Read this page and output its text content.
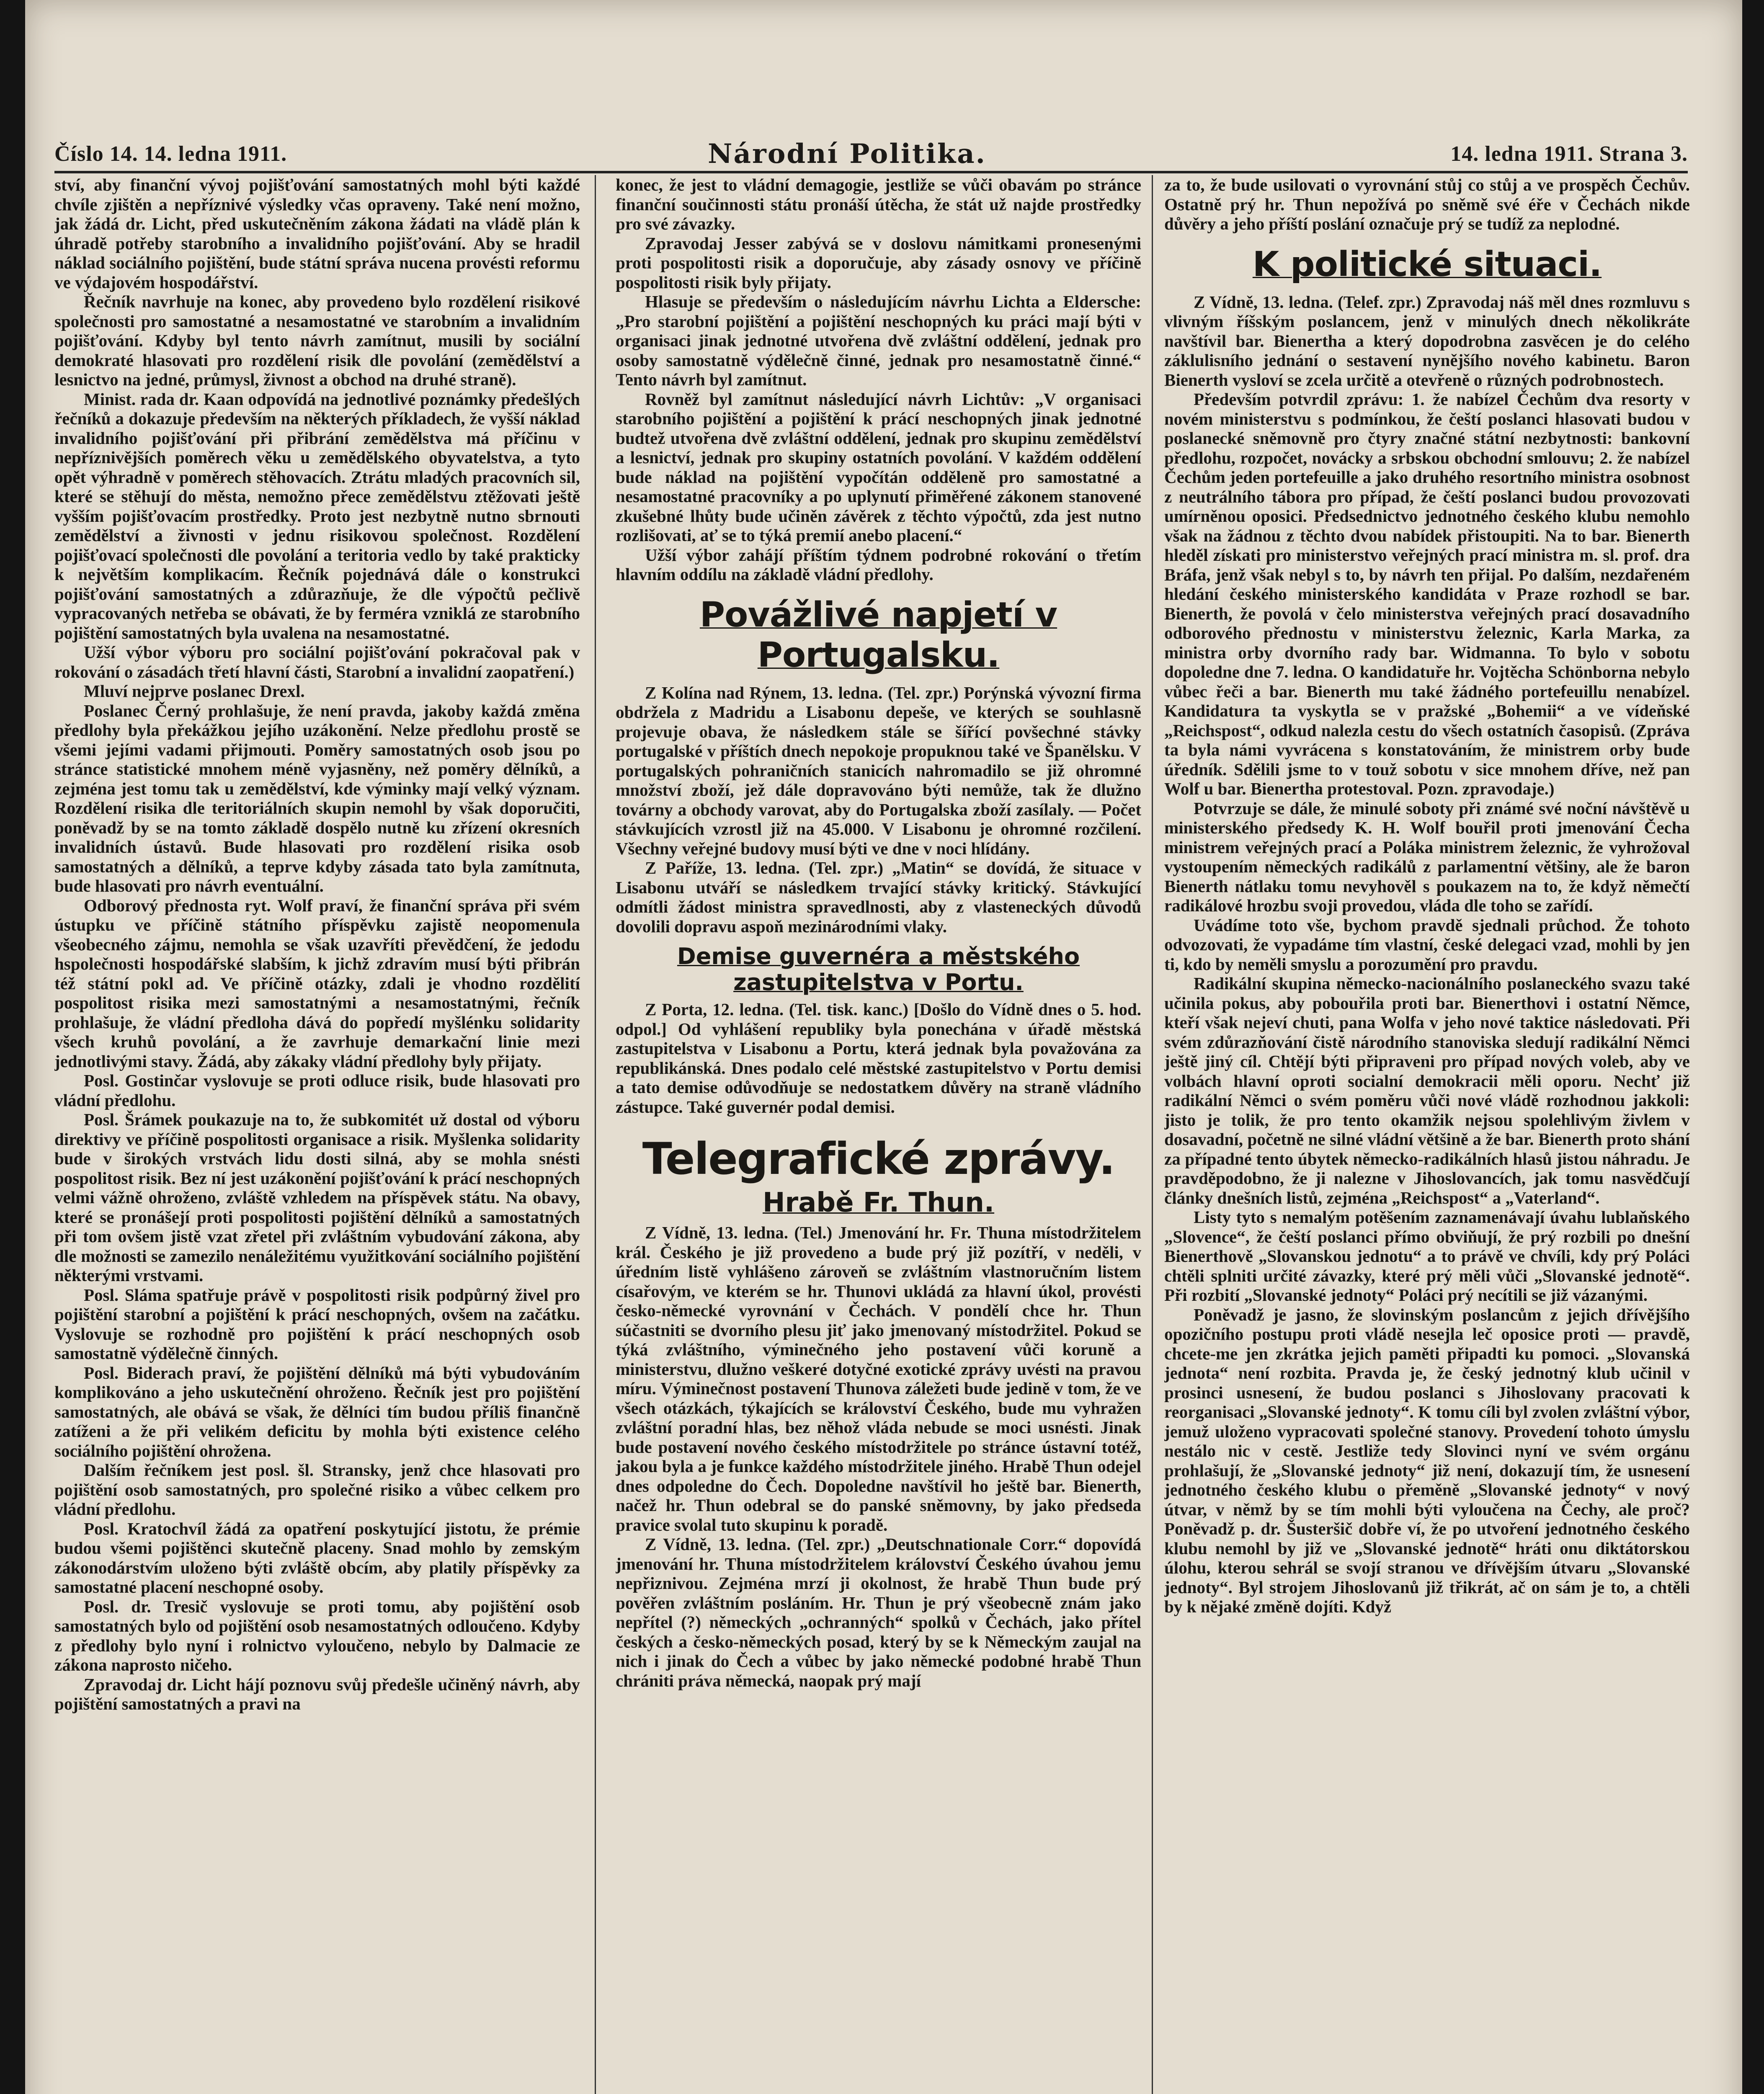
Číslo 14. 14. ledna 1911.	Národní Politika.	14. ledna 1911. Strana 3.

ství, aby finanční vývoj pojišťování samostatných mohl býti každé chvíle zjištěn a nepříznivé výsledky včas opraveny. Také není možno, jak žádá dr. Licht, před uskutečněním zákona žádati na vládě plán k úhradě potřeby starobního a invalidního pojišťování. Aby se hradil náklad sociálního pojištění, bude státní správa nucena provésti reformu ve výdajovém hospodářství.

Řečník navrhuje na konec, aby provedeno bylo rozdělení risikové společnosti pro samostatné a nesamostatné ve starobním a invalidním pojišťování. Kdyby byl tento návrh zamítnut, musili by sociální demokraté hlasovati pro rozdělení risik dle povolání (zemědělství a lesnictvo na jedné, průmysl, živnost a obchod na druhé straně).

Minist. rada dr. Kaan odpovídá na jednotlivé poznámky předešlých řečníků a dokazuje především na některých příkladech, že vyšší náklad invalidního pojišťování při přibrání zemědělstva má příčinu v nepříznivějších poměrech věku u zemědělského obyvatelstva, a tyto opět výhradně v poměrech stěhovacích. Ztrátu mladých pracovních sil, které se stěhují do města, nemožno přece zemědělstvu ztěžovati ještě vyšším pojišťovacím prostředky. Proto jest nezbytně nutno sbrnouti zemědělství a živnosti v jednu risikovou společnost. Rozdělení pojišťovací společnosti dle povolání a teritoria vedlo by také prakticky k největším komplikacím. Řečník pojednává dále o konstrukci pojišťování samostatných a zdůrazňuje, že dle výpočtů pečlivě vypracovaných netřeba se obávati, že by ferméra vzniklá ze starobního pojištění samostatných byla uvalena na nesamostatné.

Užší výbor výboru pro sociální pojišťování pokračoval pak v rokování o zásadách třetí hlavní části, Starobní a invalidní zaopatření.)

Mluví nejprve poslanec Drexl.

Poslanec Černý prohlašuje, že není pravda, jakoby každá změna předlohy byla překážkou jejího uzákonění. Nelze předlohu prostě se všemi jejími vadami přijmouti. Poměry samostatných osob jsou po stránce statistické mnohem méně vyjasněny, než poměry dělníků, a zejména jest tomu tak u zemědělství, kde výminky mají velký význam. Rozdělení risika dle teritoriálních skupin nemohl by však doporučiti, poněvadž by se na tomto základě dospělo nutně ku zřízení okresních invalidních ústavů. Bude hlasovati pro rozdělení risika osob samostatných a dělníků, a teprve kdyby zásada tato byla zamítnuta, bude hlasovati pro návrh eventuální.

Odborový přednosta ryt. Wolf praví, že finanční správa při svém ústupku ve příčině státního příspěvku zajistě neopomenula všeobecného zájmu, nemohla se však uzavříti převědčení, že jedodu hspolečnosti hospodářské slabším, k jichž zdravím musí býti přibrán též státní pokl ad. Ve příčině otázky, zdali je vhodno rozdělití pospolitost risika mezi samostatnými a nesamostatnými, řečník prohlašuje, že vládní předloha dává do popředí myšlénku solidarity všech kruhů povolání, a že zavrhuje demarkační linie mezi jednotlivými stavy. Žádá, aby zákaky vládní předlohy byly přijaty.

Posl. Gostinčar vyslovuje se proti odluce risik, bude hlasovati pro vládní předlohu.

Posl. Šrámek poukazuje na to, že subkomitét už dostal od výboru direktivy ve příčině pospolitosti organisace a risik. Myšlenka solidarity bude v širokých vrstvách lidu dosti silná, aby se mohla snésti pospolitost risik. Bez ní jest uzákonění pojišťování k prácí neschopných velmi vážně ohroženo, zvláště vzhledem na příspěvek státu. Na obavy, které se pronášejí proti pospolitosti pojištění dělníků a samostatných při tom ovšem jistě vzat zřetel při zvláštním vybudování zákona, aby dle možnosti se zamezilo nenáležitému využitkování sociálního pojištění některými vrstvami.

Posl. Sláma spatřuje právě v pospolitosti risik podpůrný živel pro pojištění starobní a pojištění k prácí neschopných, ovšem na začátku. Vyslovuje se rozhodně pro pojištění k prácí neschopných osob samostatně výdělečně činných.

Posl. Biderach praví, že pojištění dělníků má býti vybudováním komplikováno a jeho uskutečnění ohroženo. Řečník jest pro pojištění samostatných, ale obává se však, že dělníci tím budou příliš finančně zatíženi a že při velikém deficitu by mohla býti existence celého sociálního pojištění ohrožena.

Dalším řečníkem jest posl. šl. Stransky, jenž chce hlasovati pro pojištění osob samostatných, pro společné risiko a vůbec celkem pro vládní předlohu.

Posl. Kratochvíl žádá za opatření poskytující jistotu, že prémie budou všemi pojištěnci skutečně placeny. Snad mohlo by zemským zákonodárstvím uloženo býti zvláště obcím, aby platily příspěvky za samostatné placení neschopné osoby.

Posl. dr. Tresič vyslovuje se proti tomu, aby pojištění osob samostatných bylo od pojištění osob nesamostatných odloučeno. Kdyby z předlohy bylo nyní i rolnictvo vyloučeno, nebylo by Dalmacie ze zákona naprosto ničeho.

Zpravodaj dr. Licht hájí poznovu svůj předešle učiněný návrh, aby pojištění samostatných a pravi na

konec, že jest to vládní demagogie, jestliže se vůči obavám po stránce finanční součinnosti státu pronáší útěcha, že stát už najde prostředky pro své závazky.

Zpravodaj Jesser zabývá se v doslovu námitkami pronesenými proti pospolitosti risik a doporučuje, aby zásady osnovy ve příčině pospolitosti risik byly přijaty.

Hlasuje se především o následujícím návrhu Lichta a Eldersche: „Pro starobní pojištění a pojištění neschopných ku práci mají býti v organisaci jinak jednotné utvořena dvě zvláštní oddělení, jednak pro osoby samostatně výdělečně činné, jednak pro nesamostatně činné.“ Tento návrh byl zamítnut.

Rovněž byl zamítnut následující návrh Lichtův: „V organisaci starobního pojištění a pojištění k prácí neschopných jinak jednotné budtež utvořena dvě zvláštní oddělení, jednak pro skupinu zemědělství a lesnictví, jednak pro skupiny ostatních povolání. V každém oddělení bude náklad na pojištění vypočítán odděleně pro samostatné a nesamostatné pracovníky a po uplynutí přiměřené zákonem stanovené zkušebné lhůty bude učiněn závěrek z těchto výpočtů, zda jest nutno rozlišovati, ať se to týká premií anebo placení.“

Užší výbor zahájí příštím týdnem podrobné rokování o třetím hlavním oddílu na základě vládní předlohy.

Povážlivé napjetí v Portugalsku.

Z Kolína nad Rýnem, 13. ledna. (Tel. zpr.) Porýnská vývozní firma obdržela z Madridu a Lisabonu depeše, ve kterých se souhlasně projevuje obava, že následkem stále se šířící povšechné stávky portugalské v příštích dnech nepokoje propuknou také ve Španělsku. V portugalských pohraničních stanicích nahromadilo se již ohromné množství zboží, jež dále dopravováno býti nemůže, tak že dlužno továrny a obchody varovat, aby do Portugalska zboží zasílaly. — Počet stávkujících vzrostl již na 45.000. V Lisabonu je ohromné rozčilení. Všechny veřejné budovy musí býti ve dne v noci hlídány.

Z Paříže, 13. ledna. (Tel. zpr.) „Matin“ se dovídá, že situace v Lisabonu utváří se následkem trvající stávky kritický. Stávkující odmítli žádost ministra spravedlnosti, aby z vlasteneckých důvodů dovolili dopravu aspoň mezinárodními vlaky.

Demise guvernéra a městského zastupitelstva v Portu.

Z Porta, 12. ledna. (Tel. tisk. kanc.) [Došlo do Vídně dnes o 5. hod. odpol.] Od vyhlášení republiky byla ponechána v úřadě městská zastupitelstva v Lisabonu a Portu, která jednak byla považována za republikánská. Dnes podalo celé městské zastupitelstvo v Portu demisi a tato demise odůvodňuje se nedostatkem důvěry na straně vládního zástupce. Také guvernér podal demisi.

Telegrafické zprávy.
Hrabě Fr. Thun.

Z Vídně, 13. ledna. (Tel.) Jmenování hr. Fr. Thuna místodržitelem král. Českého je již provedeno a bude prý již pozítří, v neděli, v úředním listě vyhlášeno zároveň se zvláštním vlastnoručním listem císařovým, ve kterém se hr. Thunovi ukládá za hlavní úkol, provésti česko-německé vyrovnání v Čechách. V pondělí chce hr. Thun súčastniti se dvorního plesu jiť jako jmenovaný místodržitel. Pokud se týká zvláštního, výminečného jeho postavení vůči koruně a ministerstvu, dlužno veškeré dotyčné exotické zprávy uvésti na pravou míru. Výminečnost postavení Thunova záležeti bude jedině v tom, že ve všech otázkách, týkajících se království Českého, bude mu vyhražen zvláštní poradní hlas, bez něhož vláda nebude se moci usnésti. Jinak bude postavení nového českého místodržitele po stránce ústavní totéž, jakou byla a je funkce každého místodržitele jiného. Hrabě Thun odejel dnes odpoledne do Čech. Dopoledne navštívil ho ještě bar. Bienerth, načež hr. Thun odebral se do panské sněmovny, by jako předseda pravice svolal tuto skupinu k poradě.

Z Vídně, 13. ledna. (Tel. zpr.) „Deutschnationale Corr.“ dopovídá jmenování hr. Thuna místodržitelem království Českého úvahou jemu nepřiznivou. Zejména mrzí ji okolnost, že hrabě Thun bude prý pověřen zvláštním posláním. Hr. Thun je prý všeobecně znám jako nepřítel (?) německých „ochranných“ spolků v Čechách, jako přítel českých a česko-německých posad, který by se k Německým zaujal na nich i jinak do Čech a vůbec by jako německé podobné hrabě Thun chrániti práva německá, naopak prý mají

za to, že bude usilovati o vyrovnání stůj co stůj a ve prospěch Čechův. Ostatně prý hr. Thun nepožívá po sněmě své éře v Čechách nikde důvěry a jeho příští poslání označuje prý se tudíž za neplodné.

K politické situaci.

Z Vídně, 13. ledna. (Telef. zpr.) Zpravodaj náš měl dnes rozmluvu s vlivným říšským poslancem, jenž v minulých dnech několikráte navštívil bar. Bienertha a který dopodrobna zasvěcen je do celého záklulisního jednání o sestavení nynějšího nového kabinetu. Baron Bienerth vysloví se zcela určitě a otevřeně o různých podrobnostech.

Především potvrdil zprávu: 1. že nabízel Čechům dva resorty v novém ministerstvu s podmínkou, že čeští poslanci hlasovati budou v poslanecké sněmovně pro čtyry značné státní nezbytnosti: bankovní předlohu, rozpočet, novácky a srbskou obchodní smlouvu; 2. že nabízel Čechům jeden portefeuille a jako druhého resortního ministra osobnost z neutrálního tábora pro případ, že čeští poslanci budou provozovati umírněnou oposici. Předsednictvo jednotného českého klubu nemohlo však na žádnou z těchto dvou nabídek přistoupiti. Na to bar. Bienerth hleděl získati pro ministerstvo veřejných prací ministra m. sl. prof. dra Bráfa, jenž však nebyl s to, by návrh ten přijal. Po dalším, nezdařeném hledání českého ministerského kandidáta v Praze rozhodl se bar. Bienerth, že povolá v čelo ministerstva veřejných prací dosavadního odborového přednostu v ministerstvu železnic, Karla Marka, za ministra orby dvorního rady bar. Widmanna. To bylo v sobotu dopoledne dne 7. ledna. O kandidatuře hr. Vojtěcha Schönborna nebylo vůbec řeči a bar. Bienerth mu také žádného portefeuillu nenabízel. Kandidatura ta vyskytla se v pražské „Bohemii“ a ve vídeňské „Reichspost“, odkud nalezla cestu do všech ostatních časopisů. (Zpráva ta byla námi vyvrácena s konstatováním, že ministrem orby bude úředník. Sdělili jsme to v touž sobotu v sice mnohem dříve, než pan Wolf u bar. Bienertha protestoval. Pozn. zpravodaje.)

Potvrzuje se dále, že minulé soboty při známé své noční návštěvě u ministerského předsedy K. H. Wolf bouřil proti jmenování Čecha ministrem veřejných prací a Poláka ministrem železnic, že vyhrožoval vystoupením německých radikálů z parlamentní většiny, ale že baron Bienerth nátlaku tomu nevyhověl s poukazem na to, že když němečtí radikálové hrozbu svoji provedou, vláda dle toho se zařídí.

Uvádíme toto vše, bychom pravdě sjednali průchod. Že tohoto odvozovati, že vypadáme tím vlastní, české delegaci vzad, mohli by jen ti, kdo by neměli smyslu a porozumění pro pravdu.

Radikální skupina německo-nacionálního poslaneckého svazu také učinila pokus, aby pobouřila proti bar. Bienerthovi i ostatní Němce, kteří však nejeví chuti, pana Wolfa v jeho nové taktice následovati. Při svém zdůrazňování čistě národního stanoviska sledují radikální Němci ještě jiný cíl. Chtějí býti připraveni pro případ nových voleb, aby ve volbách hlavní oproti socialní demokracii měli oporu. Nechť již radikální Němci o svém poměru vůči nové vládě rozhodnou jakkoli: jisto je tolik, že pro tento okamžik nejsou spolehlivým živlem v dosavadní, početně ne silné vládní většině a že bar. Bienerth proto shání za případné tento úbytek německo-radikálních hlasů jistou náhradu. Je pravděpodobno, že ji nalezne v Jihoslovancích, jak tomu nasvědčují články dnešních listů, zejména „Reichspost“ a „Vaterland“.

Listy tyto s nemalým potěšením zaznamenávají úvahu lublaňského „Slovence“, že čeští poslanci přímo obviňují, že prý rozbili po dnešní Bienerthově „Slovanskou jednotu“ a to právě ve chvíli, kdy prý Poláci chtěli splniti určité závazky, které prý měli vůči „Slovanské jednotě“. Při rozbití „Slovanské jednoty“ Poláci prý necítili se již vázanými.

Poněvadž je jasno, že slovinským poslancům z jejich dřívějšího opozičního postupu proti vládě nesejla leč oposice proti — pravdě, chcete-me jen zkrátka jejich paměti připadti ku pomoci. „Slovanská jednota“ není rozbita. Pravda je, že český jednotný klub učinil v prosinci usnesení, že budou poslanci s Jihoslovany pracovati k reorganisaci „Slovanské jednoty“. K tomu cíli byl zvolen zvláštní výbor, jemuž uloženo vypracovati společné stanovy. Provedení tohoto úmyslu nestálo nic v cestě. Jestliže tedy Slovinci nyní ve svém orgánu prohlašují, že „Slovanské jednoty“ již není, dokazují tím, že usnesení jednotného českého klubu o přeměně „Slovanské jednoty“ v nový útvar, v němž by se tím mohli býti vyloučena na Čechy, ale proč? Poněvadž p. dr. Šusteršič dobře ví, že po utvoření jednotného českého klubu nemohl by již ve „Slovanské jednotě“ hráti onu diktátorskou úlohu, kterou sehrál se svojí stranou ve dřívějším útvaru „Slovanské jednoty“. Byl strojem Jihoslovanů již třikrát, ač on sám je to, a chtěli by k nějaké změně dojíti. Když
